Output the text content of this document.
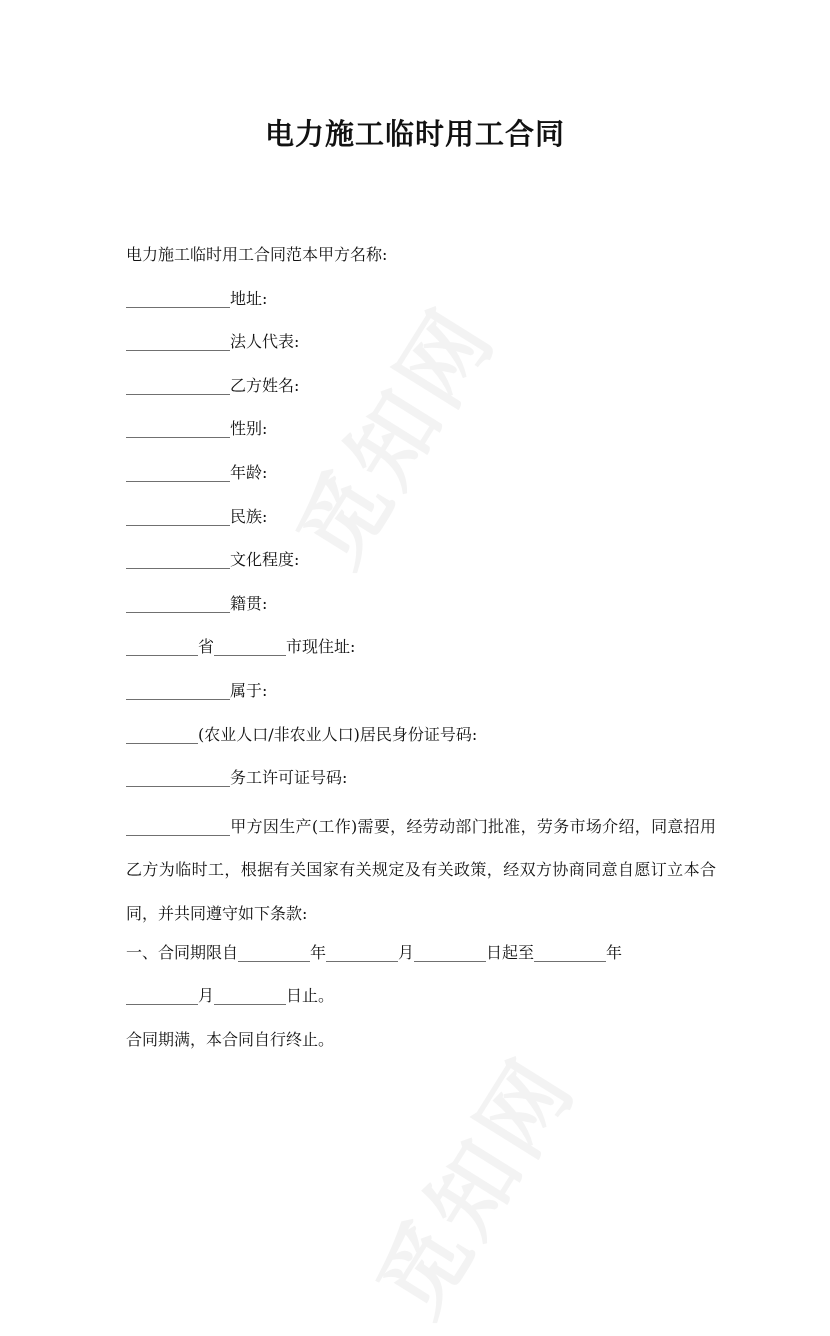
觅知网
觅知网
电力施工临时用工合同
电力施工临时用工合同范本甲方名称:
_____________地址:
_____________法人代表:
_____________乙方姓名:
_____________性别:
_____________年龄:
_____________民族:
_____________文化程度:
_____________籍贯:
_________省_________市现住址:
_____________属于:
_________(农业人口/非农业人口)居民身份证号码:
_____________务工许可证号码:
_____________甲方因生产(工作)需要，经劳动部门批准，劳务市场介绍，同意招用乙方为临时工，根据有关国家有关规定及有关政策，经双方协商同意自愿订立本合同，并共同遵守如下条款:
一、合同期限自_________年_________月_________日起至_________年
_________月_________日止。
合同期满，本合同自行终止。
